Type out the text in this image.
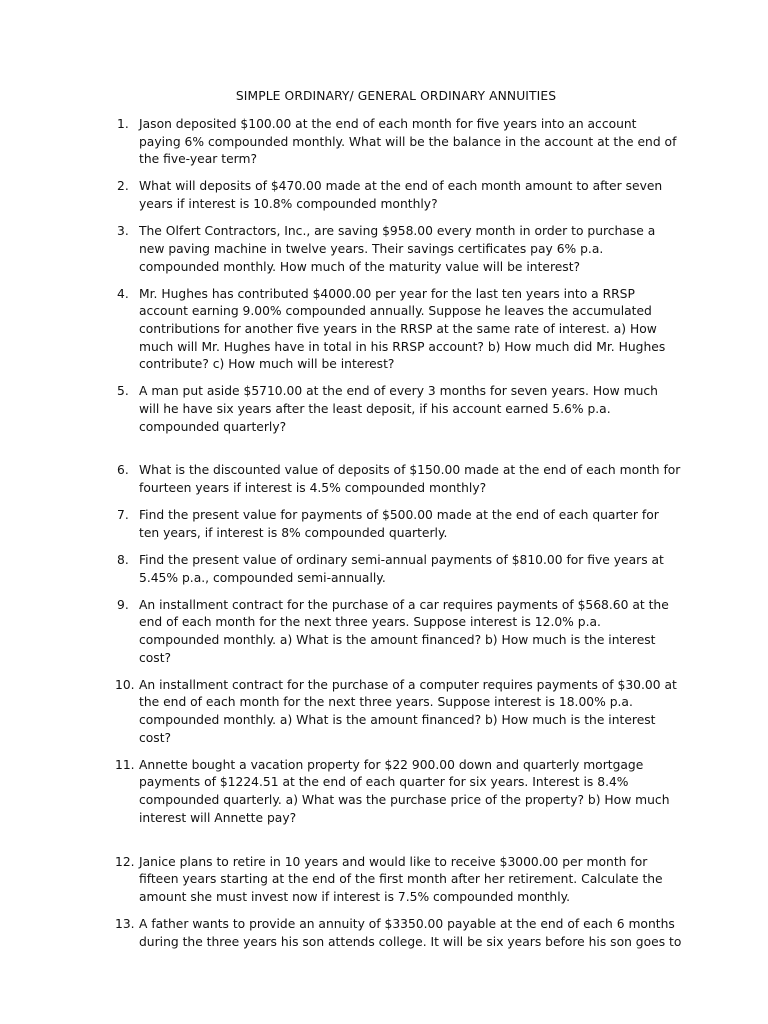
SIMPLE ORDINARY/ GENERAL ORDINARY ANNUITIES
1. Jason deposited $100.00 at the end of each month for five years into an account paying 6% compounded monthly. What will be the balance in the account at the end of the five-year term?
2. What will deposits of $470.00 made at the end of each month amount to after seven years if interest is 10.8% compounded monthly?
3. The Olfert Contractors, Inc., are saving $958.00 every month in order to purchase a new paving machine in twelve years. Their savings certificates pay 6% p.a. compounded monthly. How much of the maturity value will be interest?
4. Mr. Hughes has contributed $4000.00 per year for the last ten years into a RRSP account earning 9.00% compounded annually. Suppose he leaves the accumulated contributions for another five years in the RRSP at the same rate of interest. a) How much will Mr. Hughes have in total in his RRSP account? b) How much did Mr. Hughes contribute? c) How much will be interest?
5. A man put aside $5710.00 at the end of every 3 months for seven years. How much will he have six years after the least deposit, if his account earned 5.6% p.a. compounded quarterly?
6. What is the discounted value of deposits of $150.00 made at the end of each month for fourteen years if interest is 4.5% compounded monthly?
7. Find the present value for payments of $500.00 made at the end of each quarter for ten years, if interest is 8% compounded quarterly.
8. Find the present value of ordinary semi-annual payments of $810.00 for five years at 5.45% p.a., compounded semi-annually.
9. An installment contract for the purchase of a car requires payments of $568.60 at the end of each month for the next three years. Suppose interest is 12.0% p.a. compounded monthly. a) What is the amount financed? b) How much is the interest cost?
10. An installment contract for the purchase of a computer requires payments of $30.00 at the end of each month for the next three years. Suppose interest is 18.00% p.a. compounded monthly. a) What is the amount financed? b) How much is the interest cost?
11. Annette bought a vacation property for $22 900.00 down and quarterly mortgage payments of $1224.51 at the end of each quarter for six years. Interest is 8.4% compounded quarterly. a) What was the purchase price of the property? b) How much interest will Annette pay?
12. Janice plans to retire in 10 years and would like to receive $3000.00 per month for fifteen years starting at the end of the first month after her retirement. Calculate the amount she must invest now if interest is 7.5% compounded monthly.
13. A father wants to provide an annuity of $3350.00 payable at the end of each 6 months during the three years his son attends college. It will be six years before his son goes to
